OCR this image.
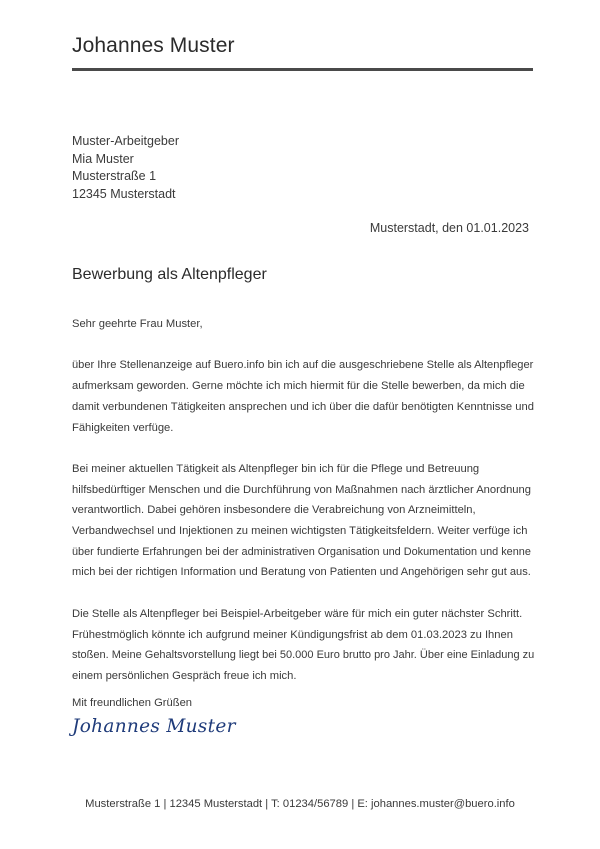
Johannes Muster
Muster-Arbeitgeber
Mia Muster
Musterstraße 1
12345 Musterstadt
Musterstadt, den 01.01.2023
Bewerbung als Altenpfleger

Sehr geehrte Frau Muster,

über Ihre Stellenanzeige auf Buero.info bin ich auf die ausgeschriebene Stelle als Altenpfleger
aufmerksam geworden. Gerne möchte ich mich hiermit für die Stelle bewerben, da mich die
damit verbundenen Tätigkeiten ansprechen und ich über die dafür benötigten Kenntnisse und
Fähigkeiten verfüge.

Bei meiner aktuellen Tätigkeit als Altenpfleger bin ich für die Pflege und Betreuung
hilfsbedürftiger Menschen und die Durchführung von Maßnahmen nach ärztlicher Anordnung
verantwortlich. Dabei gehören insbesondere die Verabreichung von Arzneimitteln,
Verbandwechsel und Injektionen zu meinen wichtigsten Tätigkeitsfeldern. Weiter verfüge ich
über fundierte Erfahrungen bei der administrativen Organisation und Dokumentation und kenne
mich bei der richtigen Information und Beratung von Patienten und Angehörigen sehr gut aus.

Die Stelle als Altenpfleger bei Beispiel-Arbeitgeber wäre für mich ein guter nächster Schritt.
Frühestmöglich könnte ich aufgrund meiner Kündigungsfrist ab dem 01.03.2023 zu Ihnen
stoßen. Meine Gehaltsvorstellung liegt bei 50.000 Euro brutto pro Jahr. Über eine Einladung zu
einem persönlichen Gespräch freue ich mich.

Mit freundlichen Grüßen
Johannes Muster
Musterstraße 1 | 12345 Musterstadt | T: 01234/56789 | E: johannes.muster@buero.info
